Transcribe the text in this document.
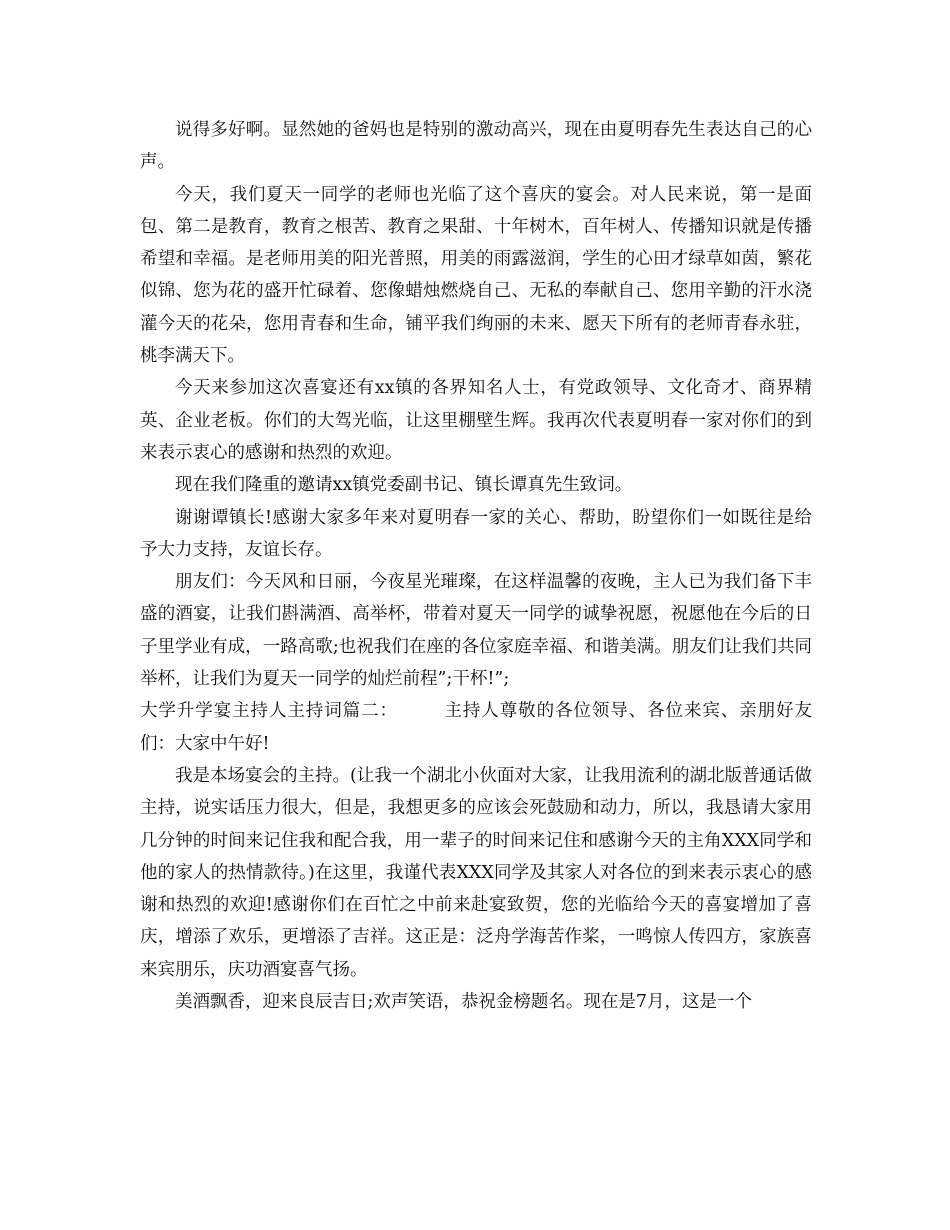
说得多好啊。显然她的爸妈也是特别的激动高兴，现在由夏明春先生表达自己的心声。

今天，我们夏天一同学的老师也光临了这个喜庆的宴会。对人民来说，第一是面包、第二是教育，教育之根苦、教育之果甜、十年树木，百年树人、传播知识就是传播希望和幸福。是老师用美的阳光普照，用美的雨露滋润，学生的心田才绿草如茵，繁花似锦、您为花的盛开忙碌着、您像蜡烛燃烧自己、无私的奉献自己、您用辛勤的汗水浇灌今天的花朵，您用青春和生命，铺平我们绚丽的未来、愿天下所有的老师青春永驻，桃李满天下。

今天来参加这次喜宴还有xx镇的各界知名人士，有党政领导、文化奇才、商界精英、企业老板。你们的大驾光临，让这里棚壁生辉。我再次代表夏明春一家对你们的到来表示衷心的感谢和热烈的欢迎。

现在我们隆重的邀请xx镇党委副书记、镇长谭真先生致词。

谢谢谭镇长!感谢大家多年来对夏明春一家的关心、帮助，盼望你们一如既往是给予大力支持，友谊长存。

朋友们：今天风和日丽，今夜星光璀璨，在这样温馨的夜晚，主人已为我们备下丰盛的酒宴，让我们斟满酒、高举杯，带着对夏天一同学的诚挚祝愿，祝愿他在今后的日子里学业有成，一路高歌;也祝我们在座的各位家庭幸福、和谐美满。朋友们让我们共同举杯，让我们为夏天一同学的灿烂前程”;干杯!”;

大学升学宴主持人主持词篇二：　　　主持人尊敬的各位领导、各位来宾、亲朋好友们：大家中午好!

我是本场宴会的主持。(让我一个湖北小伙面对大家，让我用流利的湖北版普通话做主持，说实话压力很大，但是，我想更多的应该会死鼓励和动力，所以，我恳请大家用几分钟的时间来记住我和配合我，用一辈子的时间来记住和感谢今天的主角XXX同学和他的家人的热情款待。)在这里，我谨代表XXX同学及其家人对各位的到来表示衷心的感谢和热烈的欢迎!感谢你们在百忙之中前来赴宴致贺，您的光临给今天的喜宴增加了喜庆，增添了欢乐，更增添了吉祥。这正是：泛舟学海苦作桨，一鸣惊人传四方，家族喜来宾朋乐，庆功酒宴喜气扬。

美酒飘香，迎来良辰吉日;欢声笑语，恭祝金榜题名。现在是7月，这是一个
